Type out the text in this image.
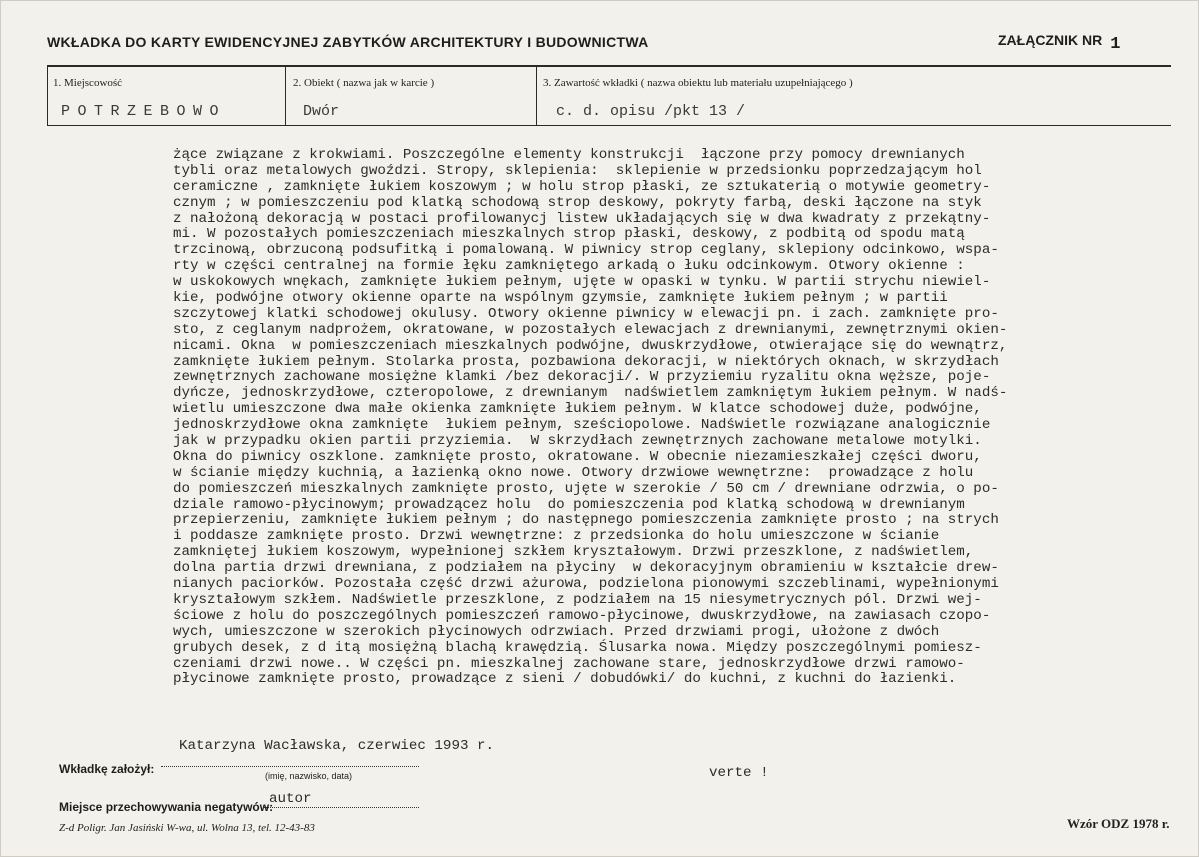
WKŁADKA DO KARTY EWIDENCYJNEJ ZABYTKÓW ARCHITEKTURY I BUDOWNICTWA	ZAŁĄCZNIK NR 1
1. Miejscowość
POTRZEBOWO
2. Obiekt ( nazwa jak w karcie )
Dwór
3. Zawartość wkładki ( nazwa obiektu lub materiału uzupełniającego )
c. d. opisu /pkt 13 /
żące związane z krokwiami. Poszczególne elementy konstrukcji  łączone przy pomocy drewnianych
tybli oraz metalowych gwoździ. Stropy, sklepienia:  sklepienie w przedsionku poprzedzającym hol
ceramiczne , zamknięte łukiem koszowym ; w holu strop płaski, ze sztukaterią o motywie geometry-
cznym ; w pomieszczeniu pod klatką schodową strop deskowy, pokryty farbą, deski łączone na styk
z nałożoną dekoracją w postaci profilowanycj listew układających się w dwa kwadraty z przekątny-
mi. W pozostałych pomieszczeniach mieszkalnych strop płaski, deskowy, z podbitą od spodu matą
trzcinową, obrzuconą podsufitką i pomalowaną. W piwnicy strop ceglany, sklepiony odcinkowo, wspa-
rty w części centralnej na formie łęku zamkniętego arkadą o łuku odcinkowym. Otwory okienne :
w uskokowych wnękach, zamknięte łukiem pełnym, ujęte w opaski w tynku. W partii strychu niewiel-
kie, podwójne otwory okienne oparte na wspólnym gzymsie, zamknięte łukiem pełnym ; w partii
szczytowej klatki schodowej okulusy. Otwory okienne piwnicy w elewacji pn. i zach. zamknięte pro-
sto, z ceglanym nadprożem, okratowane, w pozostałych elewacjach z drewnianymi, zewnętrznymi okien-
nicami. Okna  w pomieszczeniach mieszkalnych podwójne, dwuskrzydłowe, otwierające się do wewnątrz,
zamknięte łukiem pełnym. Stolarka prosta, pozbawiona dekoracji, w niektórych oknach, w skrzydłach
zewnętrznych zachowane mosiężne klamki /bez dekoracji/. W przyziemiu ryzalitu okna węższe, poje-
dyńcze, jednoskrzydłowe, czteropolowe, z drewnianym  nadświetlem zamkniętym łukiem pełnym. W nadś-
wietlu umieszczone dwa małe okienka zamknięte łukiem pełnym. W klatce schodowej duże, podwójne,
jednoskrzydłowe okna zamknięte  łukiem pełnym, sześciopolowe. Nadświetle rozwiązane analogicznie
jak w przypadku okien partii przyziemia.  W skrzydłach zewnętrznych zachowane metalowe motylki.
Okna do piwnicy oszklone. zamknięte prosto, okratowane. W obecnie niezamieszkałej części dworu,
w ścianie między kuchnią, a łazienką okno nowe. Otwory drzwiowe wewnętrzne:  prowadzące z holu
do pomieszczeń mieszkalnych zamknięte prosto, ujęte w szerokie / 50 cm / drewniane odrzwia, o po-
dziale ramowo-płycinowym; prowadzącez holu  do pomieszczenia pod klatką schodową w drewnianym
przepierzeniu, zamknięte łukiem pełnym ; do następnego pomieszczenia zamknięte prosto ; na strych
i poddasze zamknięte prosto. Drzwi wewnętrzne: z przedsionka do holu umieszczone w ścianie
zamkniętej łukiem koszowym, wypełnionej szkłem kryształowym. Drzwi przeszklone, z nadświetlem,
dolna partia drzwi drewniana, z podziałem na płyciny  w dekoracyjnym obramieniu w kształcie drew-
nianych paciorków. Pozostała część drzwi ażurowa, podzielona pionowymi szczeblinami, wypełnionymi
kryształowym szkłem. Nadświetle przeszklone, z podziałem na 15 niesymetrycznych pól. Drzwi wej-
ściowe z holu do poszczególnych pomieszczeń ramowo-płycinowe, dwuskrzydłowe, na zawiasach czopo-
wych, umieszczone w szerokich płycinowych odrzwiach. Przed drzwiami progi, ułożone z dwóch
grubych desek, z d itą mosiężną blachą krawędzią. Ślusarka nowa. Między poszczególnymi pomiesz-
czeniami drzwi nowe.. W części pn. mieszkalnej zachowane stare, jednoskrzydłowe drzwi ramowo-
płycinowe zamknięte prosto, prowadzące z sieni / dobudówki/ do kuchni, z kuchni do łazienki.
Katarzyna Wacławska, czerwiec 1993 r.
Wkładkę założył:	(imię, nazwisko, data)	verte !
Miejsce przechowywania negatywów:
autor
Z-d Poligr. Jan Jasiński W-wa, ul. Wolna 13, tel. 12-43-83	Wzór ODZ 1978 r.
